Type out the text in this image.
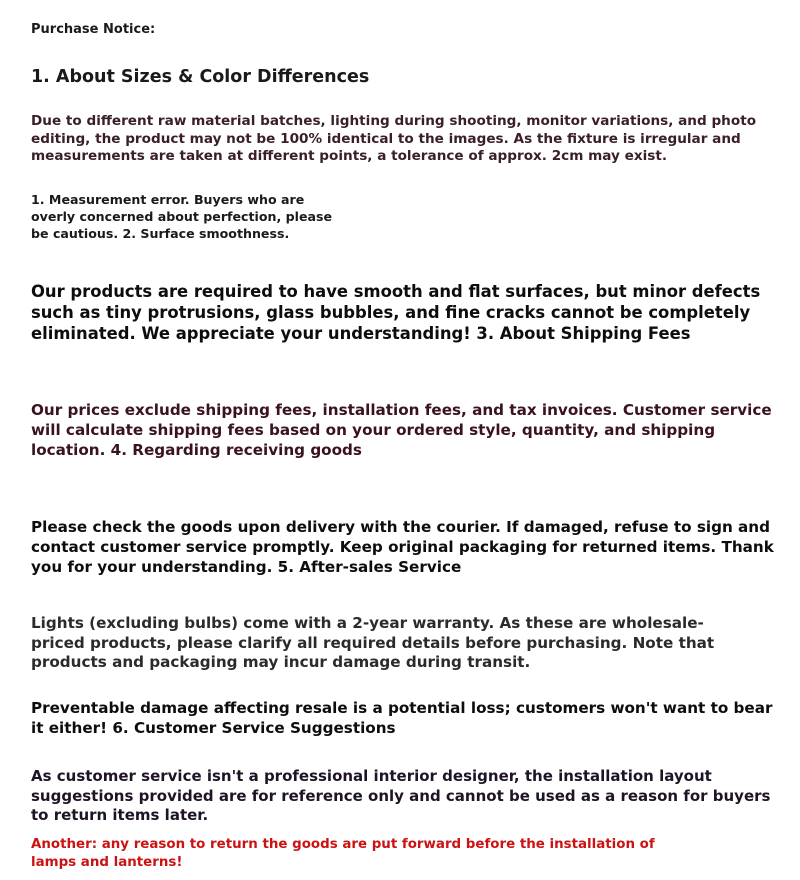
Purchase Notice:

1. About Sizes & Color Differences

Due to different raw material batches, lighting during shooting, monitor variations, and photo editing, the product may not be 100% identical to the images. As the fixture is irregular and measurements are taken at different points, a tolerance of approx. 2cm may exist.

1. Measurement error. Buyers who are overly concerned about perfection, please be cautious. 2. Surface smoothness.

Our products are required to have smooth and flat surfaces, but minor defects such as tiny protrusions, glass bubbles, and fine cracks cannot be completely eliminated. We appreciate your understanding! 3. About Shipping Fees

Our prices exclude shipping fees, installation fees, and tax invoices. Customer service will calculate shipping fees based on your ordered style, quantity, and shipping location. 4. Regarding receiving goods

Please check the goods upon delivery with the courier. If damaged, refuse to sign and contact customer service promptly. Keep original packaging for returned items. Thank you for your understanding. 5. After-sales Service

Lights (excluding bulbs) come with a 2-year warranty. As these are wholesale-priced products, please clarify all required details before purchasing. Note that products and packaging may incur damage during transit.

Preventable damage affecting resale is a potential loss; customers won't want to bear it either! 6. Customer Service Suggestions

As customer service isn't a professional interior designer, the installation layout suggestions provided are for reference only and cannot be used as a reason for buyers to return items later.

Another: any reason to return the goods are put forward before the installation of lamps and lanterns!
